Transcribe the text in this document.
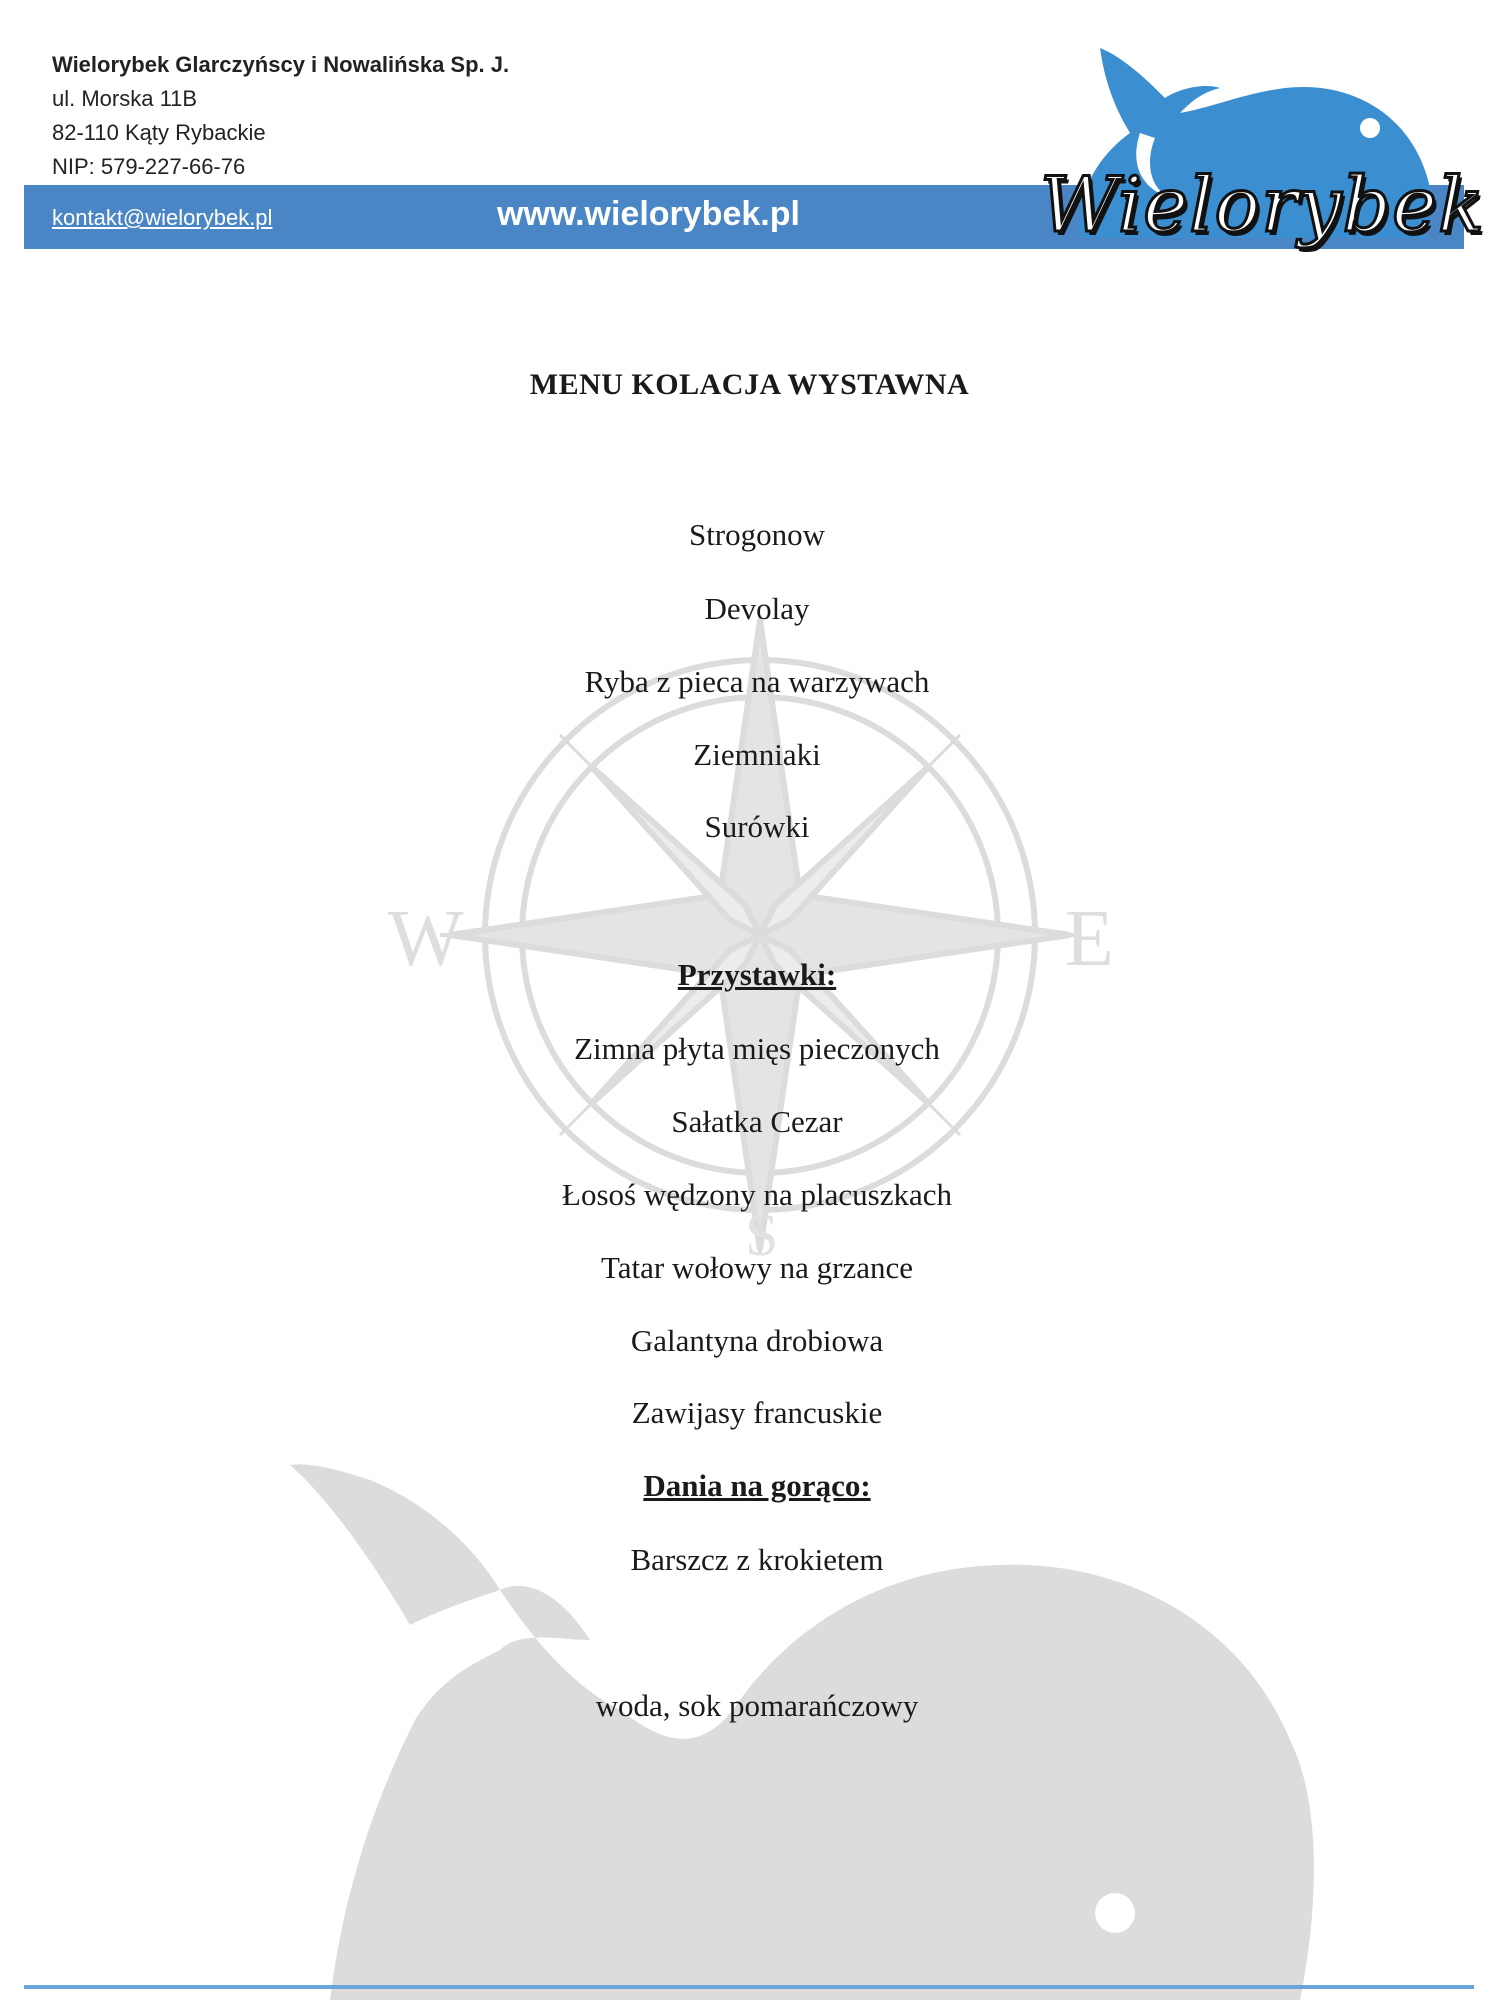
W	E
S
Wielorybek Glarczyńscy i Nowalińska Sp. J.
ul. Morska 11B
82-110 Kąty Rybackie
NIP: 579-227-66-76
kontakt@wielorybek.pl	www.wielorybek.pl	Wielorybek
MENU KOLACJA WYSTAWNA
Strogonow
Devolay
Ryba z pieca na warzywach
Ziemniaki
Surówki
Przystawki:
Zimna płyta mięs pieczonych
Sałatka Cezar
Łosoś wędzony na placuszkach
Tatar wołowy na grzance
Galantyna drobiowa
Zawijasy francuskie
Dania na gorąco:
Barszcz z krokietem
woda, sok pomarańczowy
